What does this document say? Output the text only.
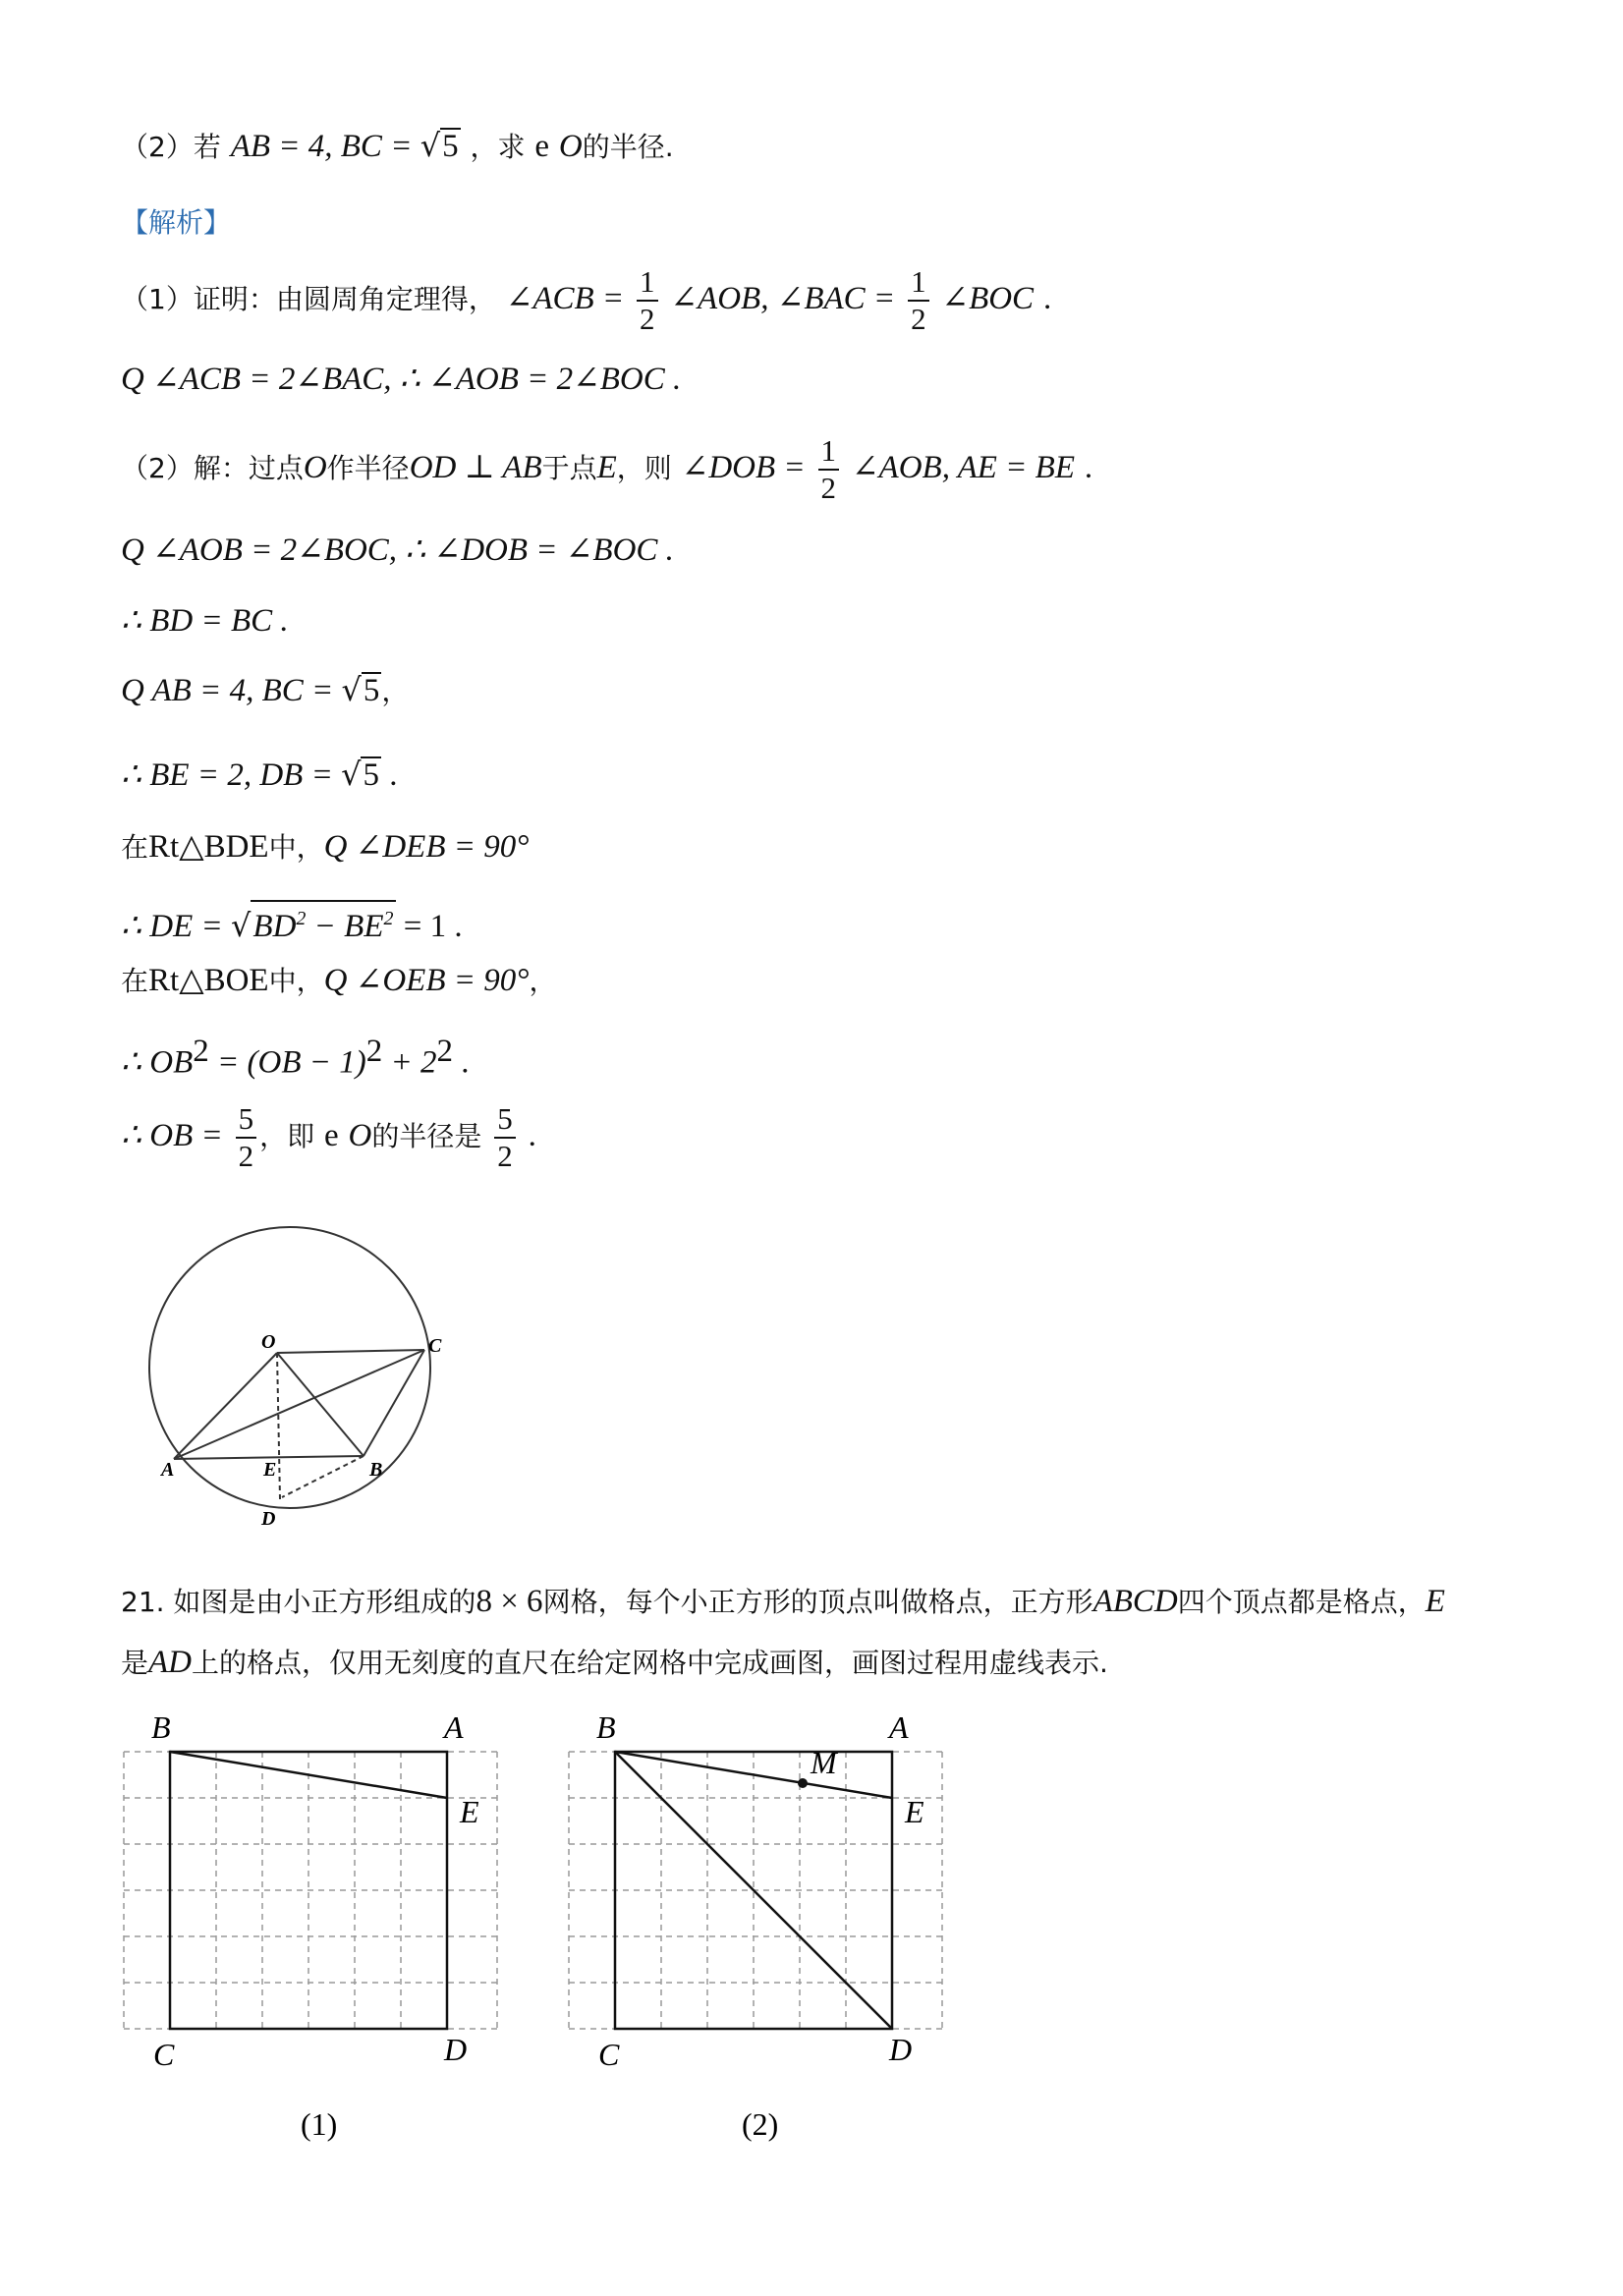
（2）若 AB = 4, BC = √5 ，求 e O的半径.
【解析】
（1）证明：由圆周角定理得， ∠ACB = $\frac{1}{2}$ ∠AOB, ∠BAC = $\frac{1}{2}$ ∠BOC .
Q ∠ACB = 2∠BAC, ∴ ∠AOB = 2∠BOC .
（2）解：过点O作半径OD ⊥ AB于点E，则 ∠DOB = $\frac{1}{2}$ ∠AOB, AE = BE .
Q ∠AOB = 2∠BOC, ∴ ∠DOB = ∠BOC .
∴ BD = BC .
Q AB = 4, BC = √5，
∴ BE = 2, DB = √5 .
在Rt△BDE中，Q ∠DEB = 90°
∴ DE = $√BD^2 - BE^2 = 1$ .
在Rt△BOE中，Q ∠OEB = 90°，
∴ $OB^2 = (OB - 1)^2 + 2^2$ .
∴ OB = $\frac{5}{2}$ ，即 e O的半径是 $\frac{5}{2}$ .
O	C
A	E	B
D
21. 如图是由小正方形组成的8 × 6网格，每个小正方形的顶点叫做格点，正方形ABCD四个顶点都是格点，E
是AD上的格点，仅用无刻度的直尺在给定网格中完成画图，画图过程用虚线表示.
B	A
E
C	D
(1)
B	A
M
E
C	D
(2)
